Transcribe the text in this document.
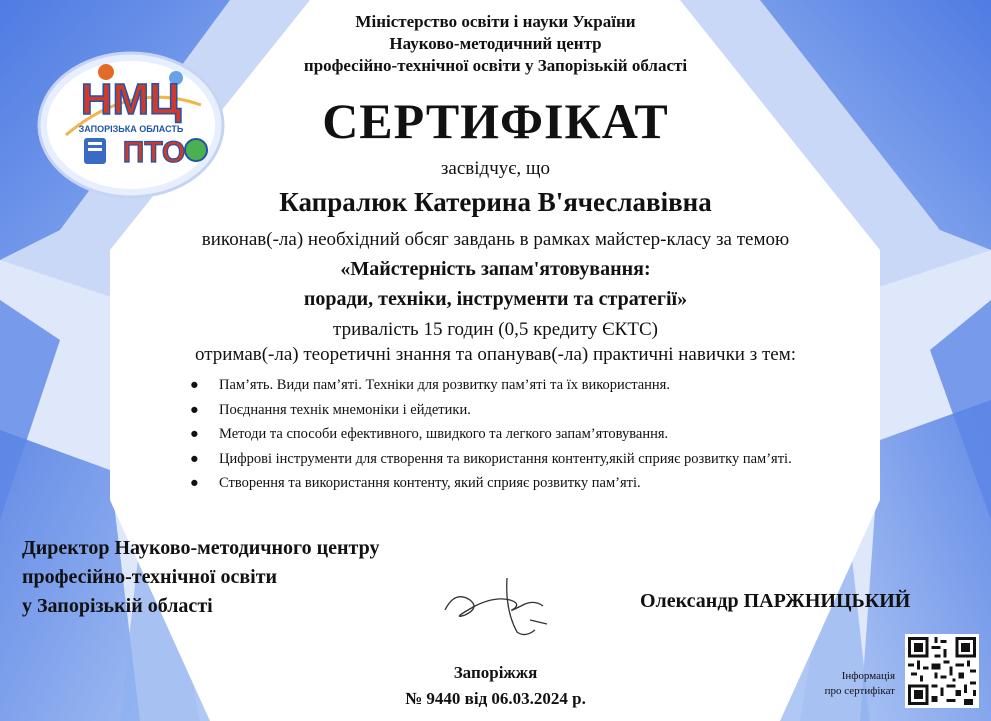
НМЦ
ЗАПОРІЗЬКА ОБЛАСТЬ
ПТО
Міністерство освіти і науки України
Науково-методичний центр
професійно-технічної освіти у Запорізькій області
СЕРТИФІКАТ
засвідчує, що
Капралюк Катерина В'ячеславівна
виконав(-ла) необхідний обсяг завдань в рамках майстер-класу за темою
«Майстерність запам'ятовування:
поради, техніки, інструменти та стратегії»
тривалість 15 годин (0,5 кредиту ЄКТС)
отримав(-ла) теоретичні знання та опанував(-ла) практичні навички з тем:
● Пам’ять. Види пам’яті. Техніки для розвитку пам’яті та їх використання.
● Поєднання технік мнемоніки і ейдетики.
● Методи та способи ефективного, швидкого та легкого запам’ятовування.
● Цифрові інструменти для створення та використання контенту,якій сприяє розвитку пам’яті.
● Створення та використання контенту, який сприяє розвитку пам’яті.
Директор Науково-методичного центру
професійно-технічної освіти
у Запорізькій області	Олександр ПАРЖНИЦЬКИЙ
Запоріжжя
№ 9440 від 06.03.2024 р.
Інформація
про сертифікат
